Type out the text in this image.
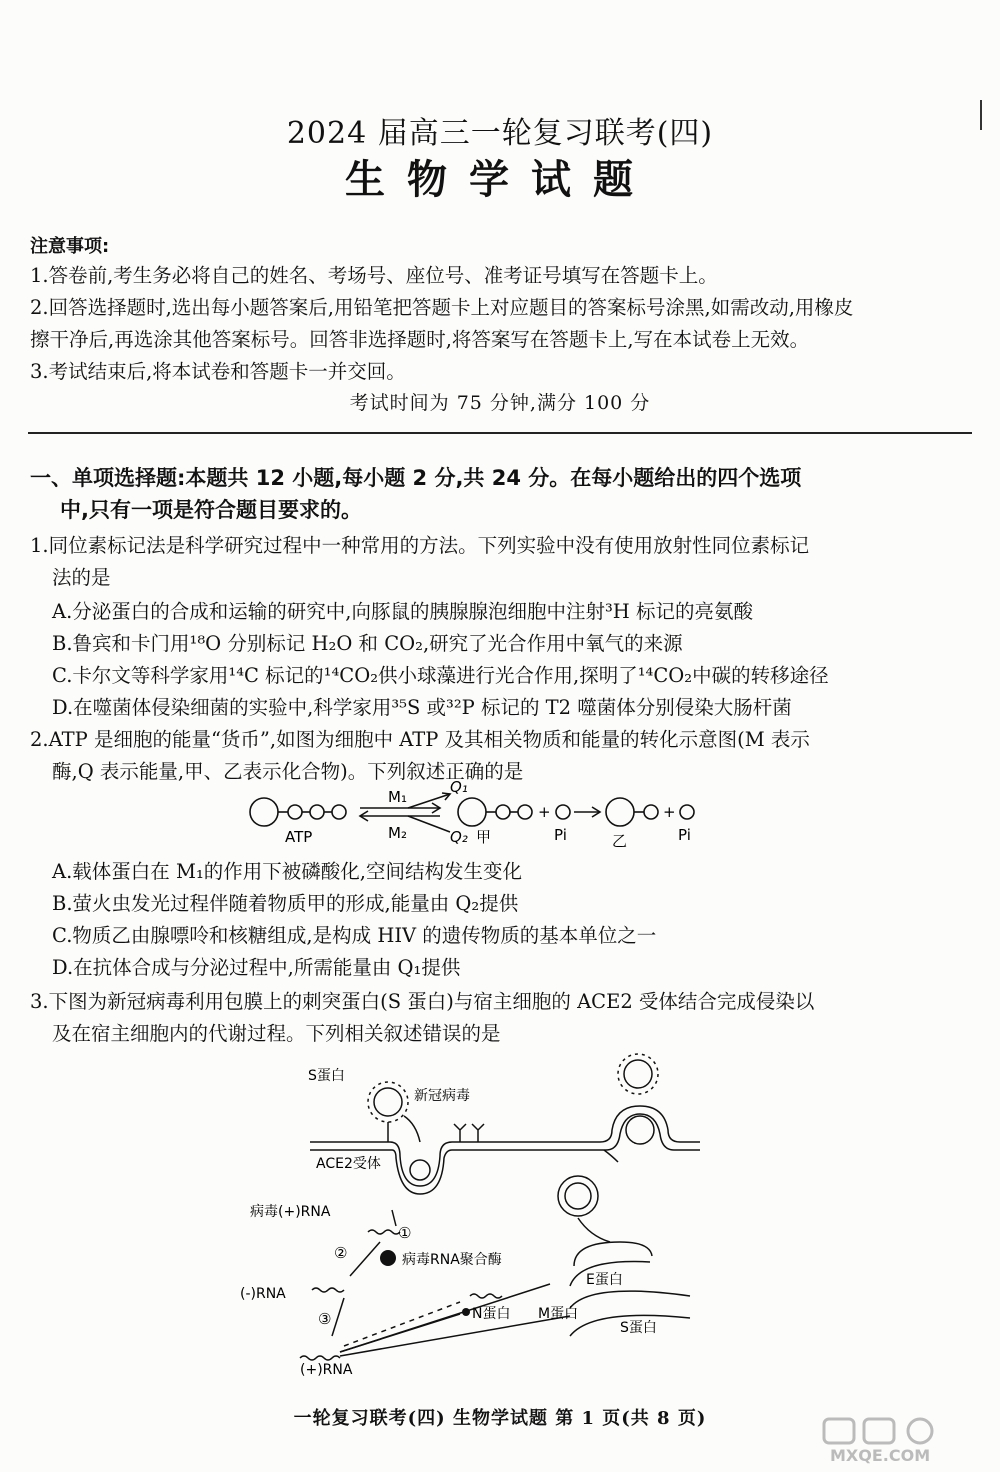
2024 届高三一轮复习联考(四)
生物学试题
注意事项:
1.答卷前,考生务必将自己的姓名、考场号、座位号、准考证号填写在答题卡上。
2.回答选择题时,选出每小题答案后,用铅笔把答题卡上对应题目的答案标号涂黑,如需改动,用橡皮
擦干净后,再选涂其他答案标号。回答非选择题时,将答案写在答题卡上,写在本试卷上无效。
3.考试结束后,将本试卷和答题卡一并交回。
考试时间为 75 分钟,满分 100 分
一、单项选择题:本题共 12 小题,每小题 2 分,共 24 分。在每小题给出的四个选项
中,只有一项是符合题目要求的。
1.同位素标记法是科学研究过程中一种常用的方法。下列实验中没有使用放射性同位素标记
法的是
A.分泌蛋白的合成和运输的研究中,向豚鼠的胰腺腺泡细胞中注射³H 标记的亮氨酸
B.鲁宾和卡门用¹⁸O 分别标记 H₂O 和 CO₂,研究了光合作用中氧气的来源
C.卡尔文等科学家用¹⁴C 标记的¹⁴CO₂供小球藻进行光合作用,探明了¹⁴CO₂中碳的转移途径
D.在噬菌体侵染细菌的实验中,科学家用³⁵S 或³²P 标记的 T2 噬菌体分别侵染大肠杆菌
2.ATP 是细胞的能量“货币”,如图为细胞中 ATP 及其相关物质和能量的转化示意图(M 表示
酶,Q 表示能量,甲、乙表示化合物)。下列叙述正确的是
ATP
M₁
M₂
Q₁
Q₂ 甲
+
Pi	乙
+
Pi
A.载体蛋白在 M₁的作用下被磷酸化,空间结构发生变化
B.萤火虫发光过程伴随着物质甲的形成,能量由 Q₂提供
C.物质乙由腺嘌呤和核糖组成,是构成 HIV 的遗传物质的基本单位之一
D.在抗体合成与分泌过程中,所需能量由 Q₁提供
3.下图为新冠病毒利用包膜上的刺突蛋白(S 蛋白)与宿主细胞的 ACE2 受体结合完成侵染以
及在宿主细胞内的代谢过程。下列相关叙述错误的是
S蛋白
新冠病毒
ACE2受体
病毒(+)RNA
①
②	病毒RNA聚合酶
(-)RNA
③
(+)RNA
N蛋白 M蛋白
E蛋白
S蛋白
一轮复习联考(四) 生物学试题 第 1 页(共 8 页)
MXQE.COM
